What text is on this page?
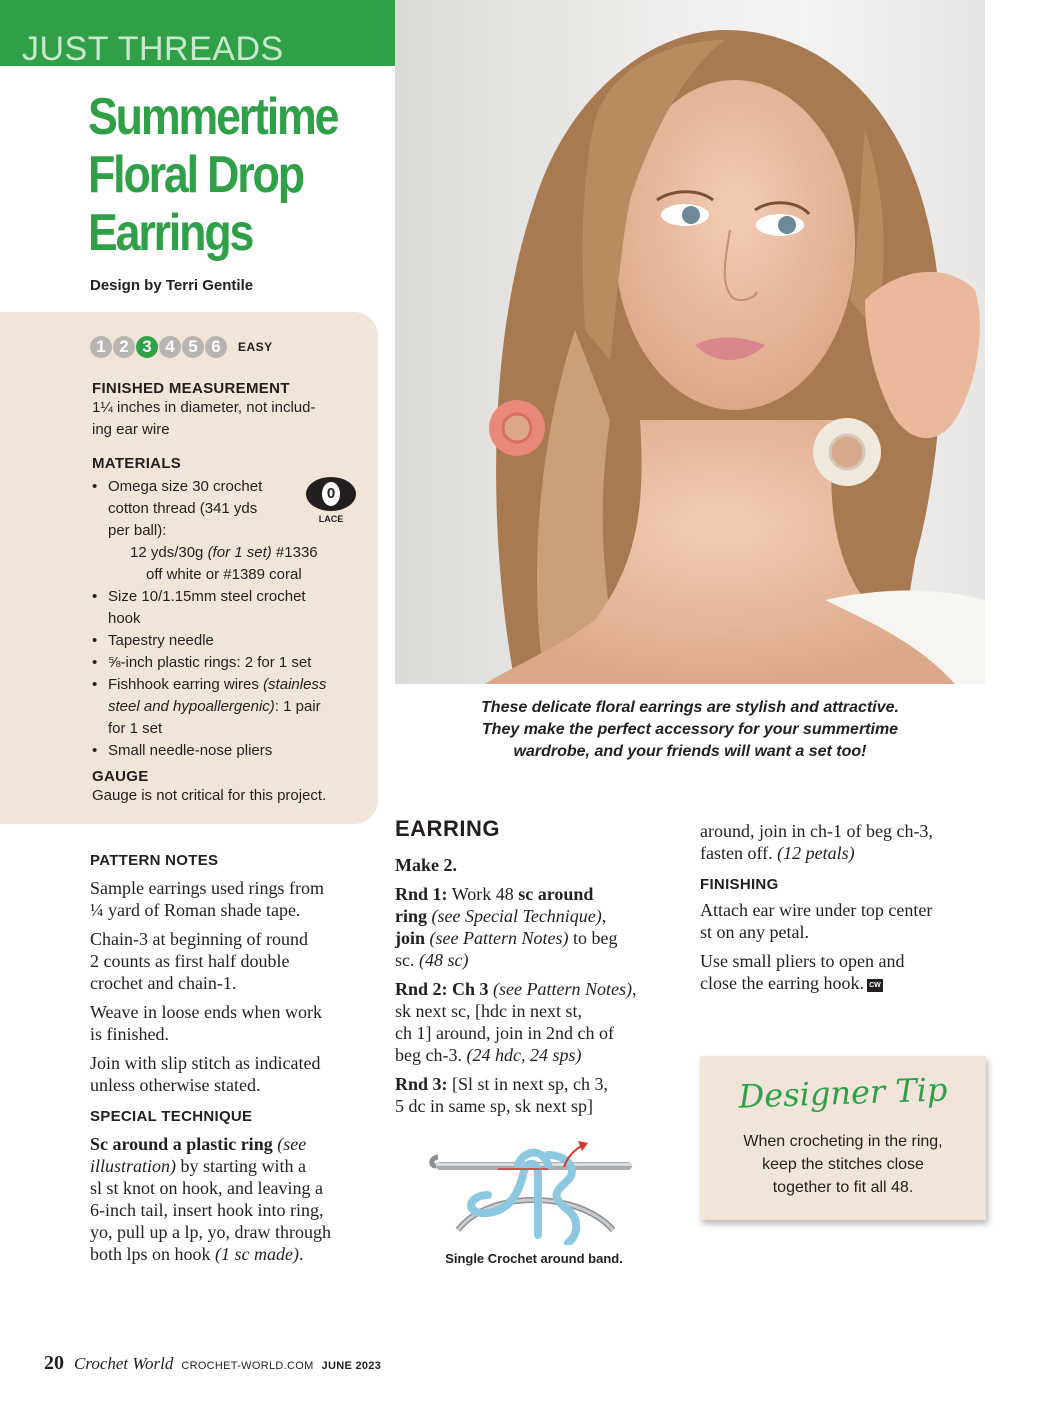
JUST THREADS
Summertime
Floral Drop
Earrings
Design by Terri Gentile
1 2 3 4 5 6	EASY
FINISHED MEASUREMENT
1¼ inches in diameter, not includ-
ing ear wire
MATERIALS
• Omega size 30 crochet
cotton thread (341 yds
per ball):
12 yds/30g (for 1 set) #1336
off white or #1389 coral
• Size 10/1.15mm steel crochet
hook
• Tapestry needle
• ⅝-inch plastic rings: 2 for 1 set
• Fishhook earring wires (stainless
steel and hypoallergenic): 1 pair
for 1 set
• Small needle-nose pliers
0
LACE
GAUGE
Gauge is not critical for this project.
These delicate floral earrings are stylish and attractive.
They make the perfect accessory for your summertime
wardrobe, and your friends will want a set too!
PATTERN NOTES
Sample earrings used rings from
¼ yard of Roman shade tape.
Chain-3 at beginning of round
2 counts as first half double
crochet and chain-1.
Weave in loose ends when work
is finished.
Join with slip stitch as indicated
unless otherwise stated.
SPECIAL TECHNIQUE
Sc around a plastic ring (see
illustration) by starting with a
sl st knot on hook, and leaving a
6-inch tail, insert hook into ring,
yo, pull up a lp, yo, draw through
both lps on hook (1 sc made).
EARRING
Make 2.
Rnd 1: Work 48 sc around
ring (see Special Technique),
join (see Pattern Notes) to beg
sc. (48 sc)
Rnd 2: Ch 3 (see Pattern Notes),
sk next sc, [hdc in next st,
ch 1] around, join in 2nd ch of
beg ch-3. (24 hdc, 24 sps)
Rnd 3: [Sl st in next sp, ch 3,
5 dc in same sp, sk next sp]
Single Crochet around band.
around, join in ch-1 of beg ch-3,
fasten off. (12 petals)
FINISHING
Attach ear wire under top center
st on any petal.
Use small pliers to open and
close the earring hook. CW
Designer Tip
When crocheting in the ring,
keep the stitches close
together to fit all 48.
20 Crochet World CROCHET-WORLD.COM JUNE 2023
